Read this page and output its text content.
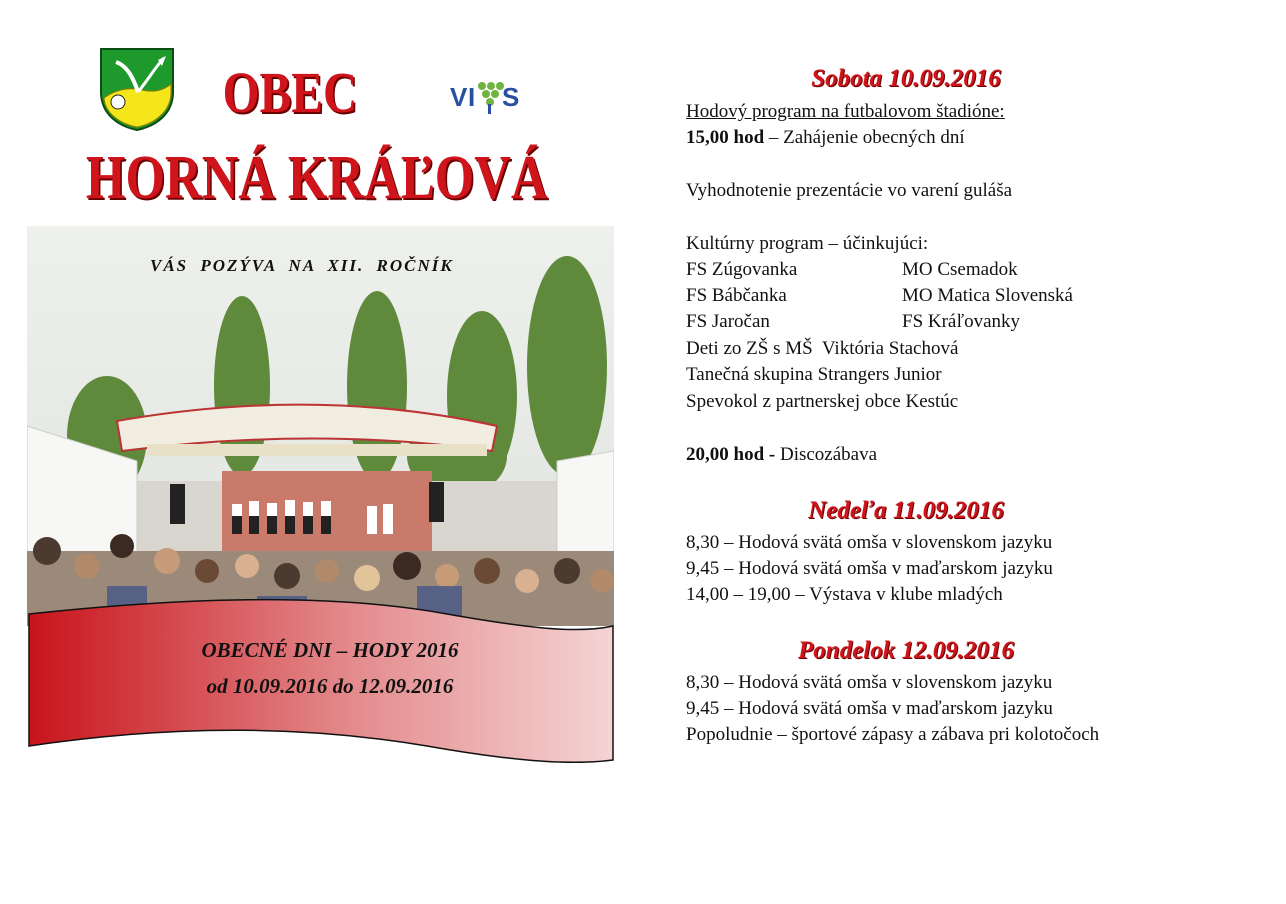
OBEC
HORNÁ KRÁĽOVÁ
V I S
VÁS POZÝVA NA XII. ROČNÍK
OBECNÉ DNI – HODY 2016
od 10.09.2016 do 12.09.2016
Sobota 10.09.2016
Hodový program na futbalovom štadióne:
15,00 hod – Zahájenie obecných dní
Vyhodnotenie prezentácie vo varení guláša
Kultúrny program – účinkujúci:
FS Zúgovanka	MO Csemadok
FS Bábčanka	MO Matica Slovenská
FS Jaročan	FS Kráľovanky
Deti zo ZŠ s MŠ  Viktória Stachová
Tanečná skupina Strangers Junior
Spevokol z partnerskej obce Kestúc
20,00 hod - Discozábava
Nedeľa 11.09.2016
8,30 – Hodová svätá omša v slovenskom jazyku
9,45 – Hodová svätá omša v maďarskom jazyku
14,00 – 19,00 – Výstava v klube mladých
Pondelok 12.09.2016
8,30 – Hodová svätá omša v slovenskom jazyku
9,45 – Hodová svätá omša v maďarskom jazyku
Popoludnie – športové zápasy a zábava pri kolotočoch
